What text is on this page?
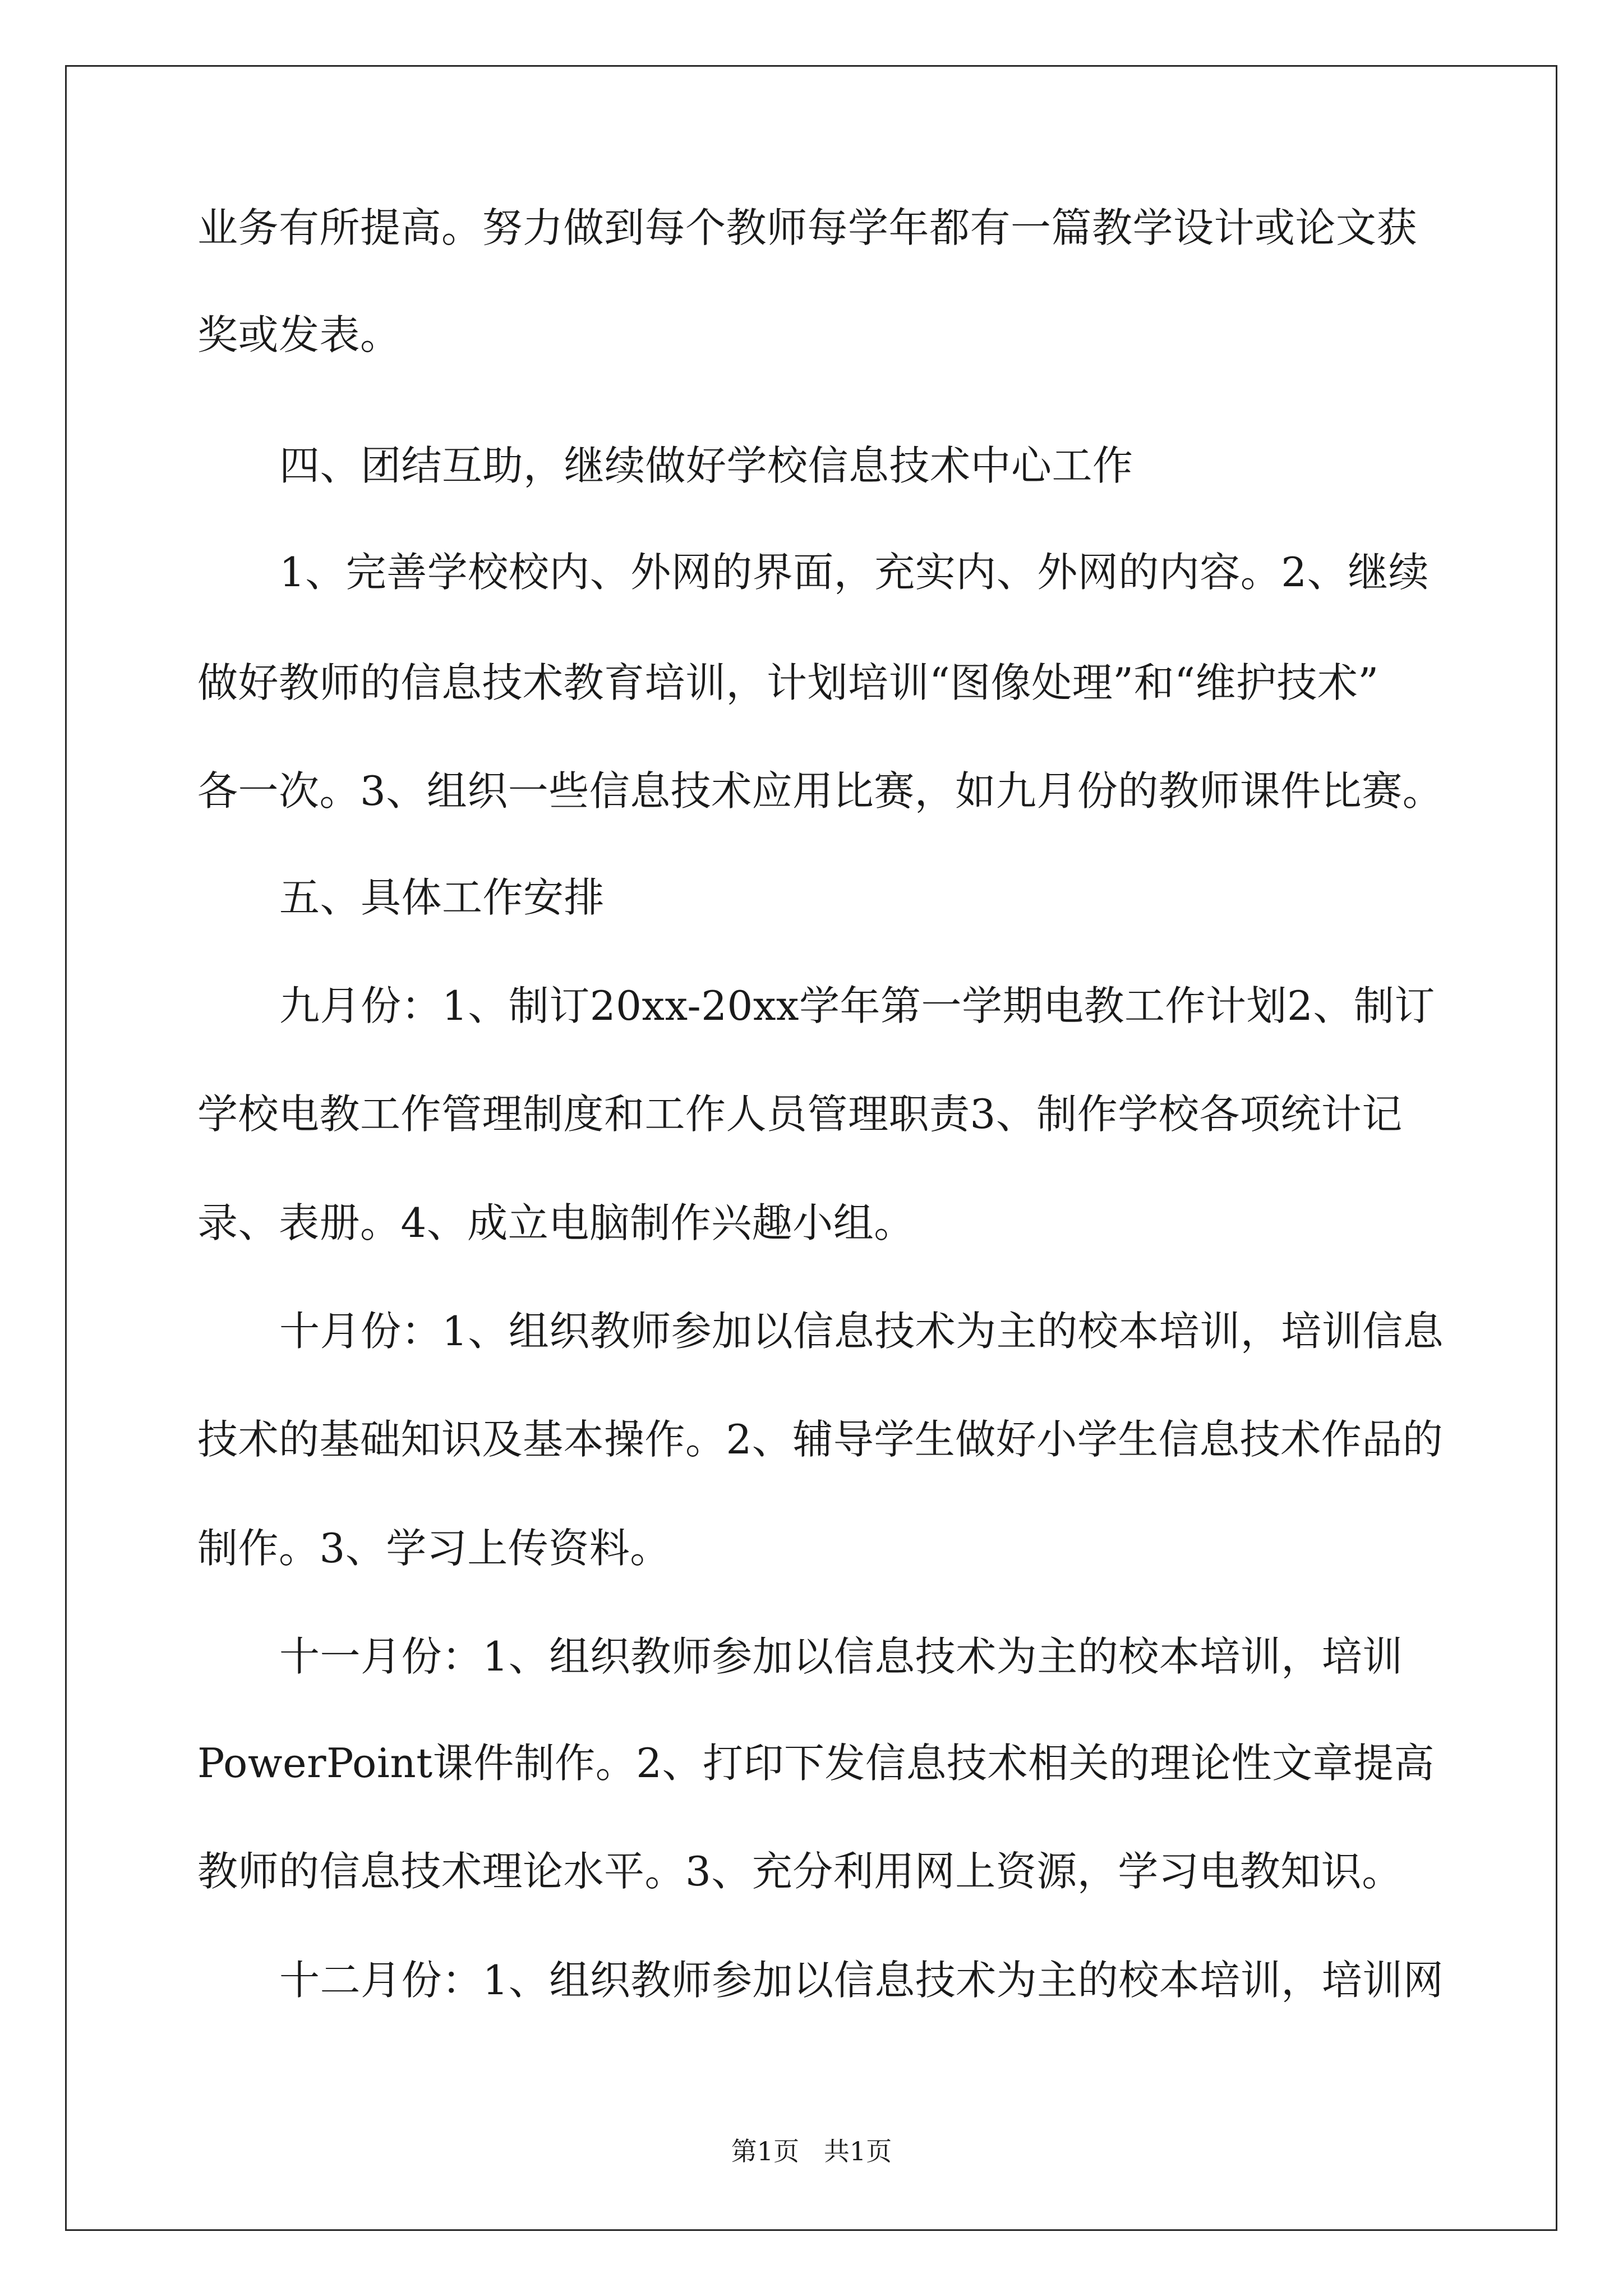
业务有所提高。努力做到每个教师每学年都有一篇教学设计或论文获
奖或发表。
四、团结互助，继续做好学校信息技术中心工作
1、完善学校校内、外网的界面，充实内、外网的内容。2、继续
做好教师的信息技术教育培训，计划培训“图像处理”和“维护技术”
各一次。3、组织一些信息技术应用比赛，如九月份的教师课件比赛。
五、具体工作安排
九月份：1、制订20xx-20xx学年第一学期电教工作计划2、制订
学校电教工作管理制度和工作人员管理职责3、制作学校各项统计记
录、表册。4、成立电脑制作兴趣小组。
十月份：1、组织教师参加以信息技术为主的校本培训，培训信息
技术的基础知识及基本操作。2、辅导学生做好小学生信息技术作品的
制作。3、学习上传资料。
十一月份：1、组织教师参加以信息技术为主的校本培训，培训
PowerPoint课件制作。2、打印下发信息技术相关的理论性文章提高
教师的信息技术理论水平。3、充分利用网上资源，学习电教知识。
十二月份：1、组织教师参加以信息技术为主的校本培训，培训网
第1页   共1页
